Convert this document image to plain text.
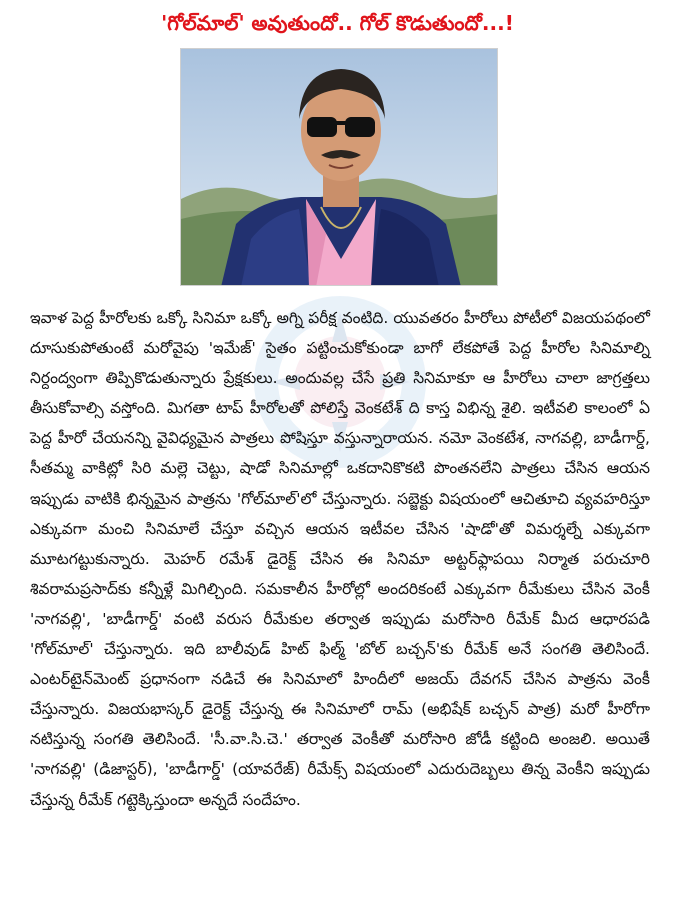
'గోల్‌మాల్' అవుతుందో.. గోల్ కొడుతుందో...!

ఇవాళ పెద్ద హీరోలకు ఒక్కో సినిమా ఒక్కో అగ్ని పరీక్ష వంటిది. యువతరం హీరోలు పోటీలో విజయపథంలో దూసుకుపోతుంటే మరోవైపు 'ఇమేజ్' సైతం పట్టించుకోకుండా బాగో లేకపోతే పెద్ద హీరోల సినిమాల్ని నిర్దంద్వంగా తిప్పికొడుతున్నారు ప్రేక్షకులు. అందువల్ల చేసే ప్రతి సినిమాకూ ఆ హీరోలు చాలా జాగ్రత్తలు తీసుకోవాల్సి వస్తోంది. మిగతా టాప్ హీరోలతో పోలిస్తే వెంకటేశ్ ది కాస్త విభిన్న శైలి. ఇటీవలి కాలంలో ఏ పెద్ద హీరో చేయనన్ని వైవిధ్యమైన పాత్రలు పోషిస్తూ వస్తున్నారాయన. నమో వెంకటేశ, నాగవల్లి, బాడీగార్డ్, సీతమ్మ వాకిట్లో సిరి మల్లె చెట్టు, షాడో సినిమాల్లో ఒకదానికొకటి పొంతనలేని పాత్రలు చేసిన ఆయన ఇప్పుడు వాటికి భిన్నమైన పాత్రను 'గోల్‌మాల్'లో చేస్తున్నారు. సబ్జెక్టు విషయంలో ఆచితూచి వ్యవహరిస్తూ ఎక్కువగా మంచి సినిమాలే చేస్తూ వచ్చిన ఆయన ఇటీవల చేసిన 'షాడో'తో విమర్శల్నే ఎక్కువగా మూటగట్టుకున్నారు. మెహర్ రమేశ్ డైరెక్ట్ చేసిన ఈ సినిమా అట్టర్‌ఫ్లాపయి నిర్మాత పరుచూరి శివరామప్రసాద్‌కు కన్నీళ్లే మిగిల్చింది. సమకాలీన హీరోల్లో అందరికంటే ఎక్కువగా రీమేకులు చేసిన వెంకీ 'నాగవల్లి', 'బాడీగార్డ్' వంటి వరుస రీమేకుల తర్వాత ఇప్పుడు మరోసారి రీమేక్ మీద ఆధారపడి 'గోల్‌మాల్' చేస్తున్నారు. ఇది బాలీవుడ్ హిట్ ఫిల్మ్ 'బోల్ బచ్చన్'కు రీమేక్ అనే సంగతి తెలిసిందే. ఎంటర్‌టైన్‌మెంట్ ప్రధానంగా నడిచే ఈ సినిమాలో హిందీలో అజయ్ దేవగన్ చేసిన పాత్రను వెంకీ చేస్తున్నారు. విజయభాస్కర్ డైరెక్ట్ చేస్తున్న ఈ సినిమాలో రామ్ (అభిషేక్ బచ్చన్ పాత్ర) మరో హీరోగా నటిస్తున్న సంగతి తెలిసిందే. 'సీ.వా.సి.చె.' తర్వాత వెంకీతో మరోసారి జోడీ కట్టింది అంజలి. అయితే 'నాగవల్లి' (డిజాస్టర్), 'బాడీగార్డ్' (యావరేజ్) రీమేక్స్ విషయంలో ఎదురుదెబ్బలు తిన్న వెంకీని ఇప్పుడు చేస్తున్న రీమేక్ గట్టెక్కిస్తుందా అన్నదే సందేహం.
